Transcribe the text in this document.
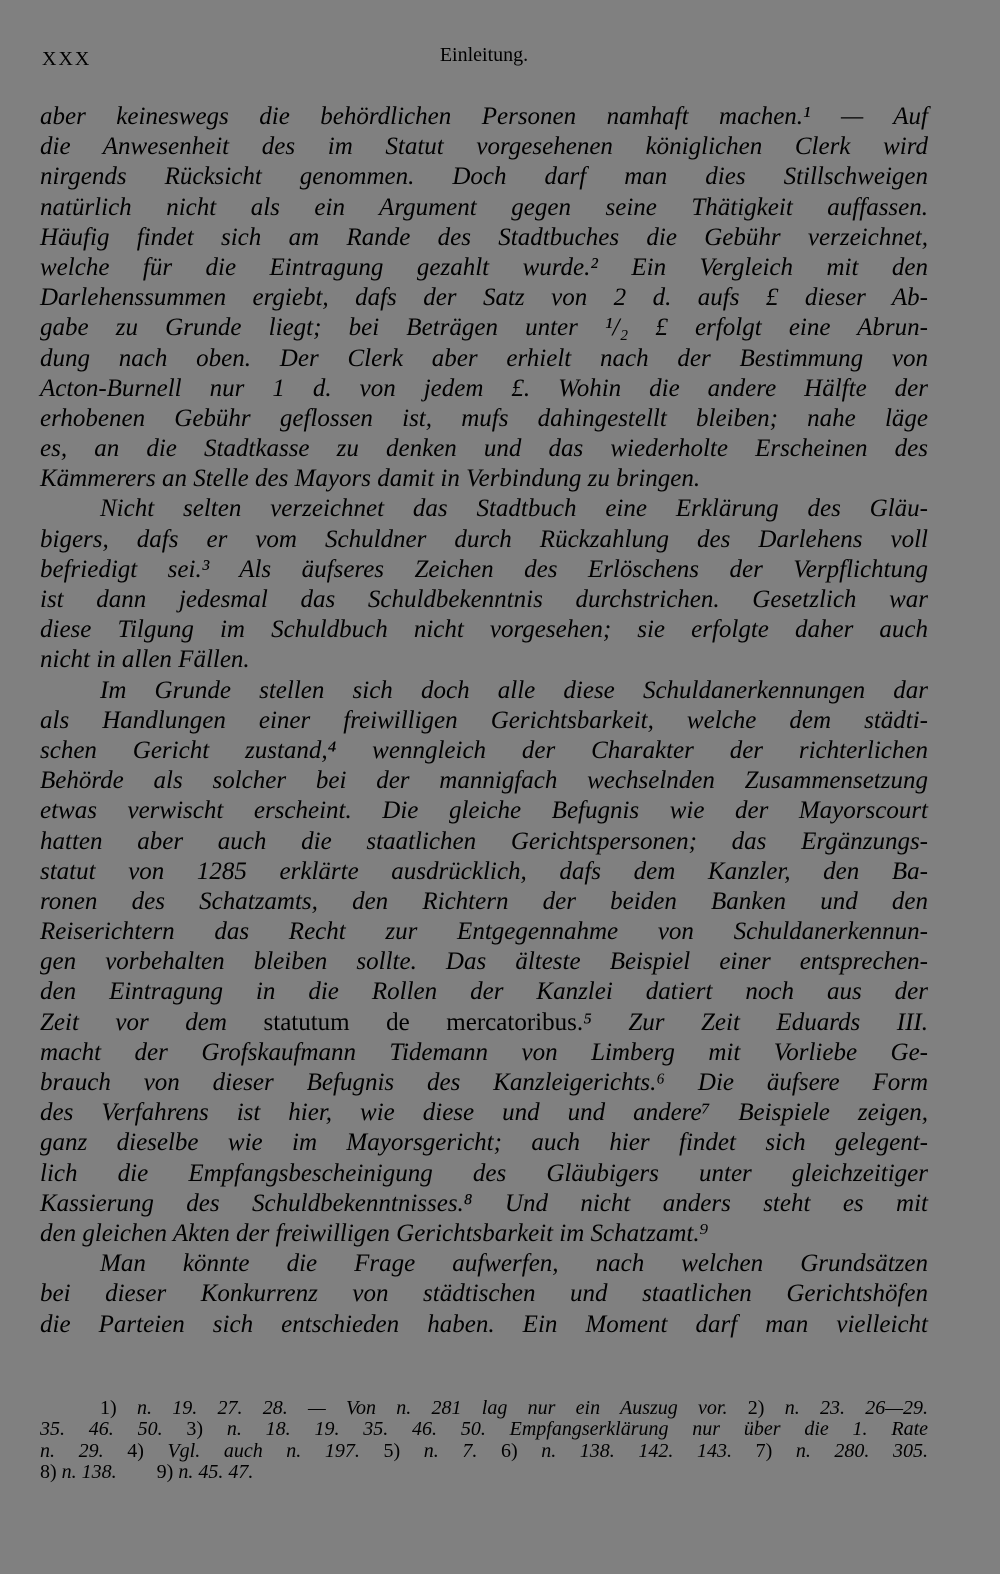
XXX	Einleitung.
aber keineswegs die behördlichen Personen namhaft machen.¹ — Auf
die Anwesenheit des im Statut vorgesehenen königlichen Clerk wird
nirgends Rücksicht genommen. Doch darf man dies Stillschweigen
natürlich nicht als ein Argument gegen seine Thätigkeit auffassen.
Häufig findet sich am Rande des Stadtbuches die Gebühr verzeichnet,
welche für die Eintragung gezahlt wurde.² Ein Vergleich mit den
Darlehenssummen ergiebt, dafs der Satz von 2 d. aufs £ dieser Ab-
gabe zu Grunde liegt; bei Beträgen unter ¹/₂ £ erfolgt eine Abrun-
dung nach oben. Der Clerk aber erhielt nach der Bestimmung von
Acton-Burnell nur 1 d. von jedem £. Wohin die andere Hälfte der
erhobenen Gebühr geflossen ist, mufs dahingestellt bleiben; nahe läge
es, an die Stadtkasse zu denken und das wiederholte Erscheinen des
Kämmerers an Stelle des Mayors damit in Verbindung zu bringen.
Nicht selten verzeichnet das Stadtbuch eine Erklärung des Gläu-
bigers, dafs er vom Schuldner durch Rückzahlung des Darlehens voll
befriedigt sei.³ Als äufseres Zeichen des Erlöschens der Verpflichtung
ist dann jedesmal das Schuldbekenntnis durchstrichen. Gesetzlich war
diese Tilgung im Schuldbuch nicht vorgesehen; sie erfolgte daher auch
nicht in allen Fällen.
Im Grunde stellen sich doch alle diese Schuldanerkennungen dar
als Handlungen einer freiwilligen Gerichtsbarkeit, welche dem städti-
schen Gericht zustand,⁴ wenngleich der Charakter der richterlichen
Behörde als solcher bei der mannigfach wechselnden Zusammensetzung
etwas verwischt erscheint. Die gleiche Befugnis wie der Mayorscourt
hatten aber auch die staatlichen Gerichtspersonen; das Ergänzungs-
statut von 1285 erklärte ausdrücklich, dafs dem Kanzler, den Ba-
ronen des Schatzamts, den Richtern der beiden Banken und den
Reiserichtern das Recht zur Entgegennahme von Schuldanerkennun-
gen vorbehalten bleiben sollte. Das älteste Beispiel einer entsprechen-
den Eintragung in die Rollen der Kanzlei datiert noch aus der
Zeit vor dem statutum de mercatoribus.⁵ Zur Zeit Eduards III.
macht der Grofskaufmann Tidemann von Limberg mit Vorliebe Ge-
brauch von dieser Befugnis des Kanzleigerichts.⁶ Die äufsere Form
des Verfahrens ist hier, wie diese und und andere⁷ Beispiele zeigen,
ganz dieselbe wie im Mayorsgericht; auch hier findet sich gelegent-
lich die Empfangsbescheinigung des Gläubigers unter gleichzeitiger
Kassierung des Schuldbekenntnisses.⁸ Und nicht anders steht es mit
den gleichen Akten der freiwilligen Gerichtsbarkeit im Schatzamt.⁹
Man könnte die Frage aufwerfen, nach welchen Grundsätzen
bei dieser Konkurrenz von städtischen und staatlichen Gerichtshöfen
die Parteien sich entschieden haben. Ein Moment darf man vielleicht
1) n. 19. 27. 28. — Von n. 281 lag nur ein Auszug vor. 2) n. 23. 26—29.
35. 46. 50. 3) n. 18. 19. 35. 46. 50. Empfangserklärung nur über die 1. Rate
n. 29. 4) Vgl. auch n. 197. 5) n. 7. 6) n. 138. 142. 143. 7) n. 280. 305.
8) n. 138. 9) n. 45. 47.
